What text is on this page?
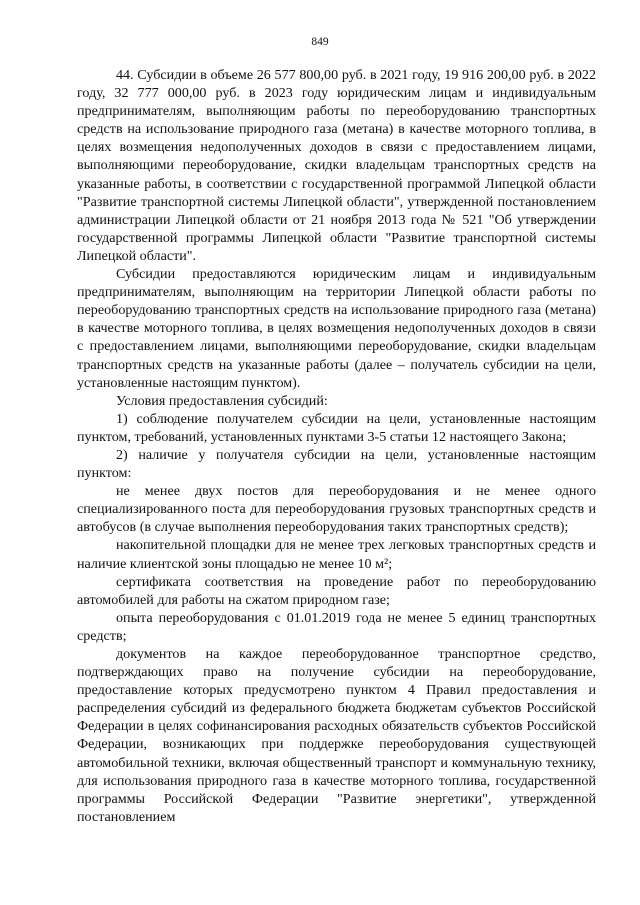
849

44. Субсидии в объеме 26 577 800,00 руб. в 2021 году, 19 916 200,00 руб. в 2022 году, 32 777 000,00 руб. в 2023 году юридическим лицам и индивидуальным предпринимателям, выполняющим работы по переоборудованию транспортных средств на использование природного газа (метана) в качестве моторного топлива, в целях возмещения недополученных доходов в связи с предоставлением лицами, выполняющими переоборудование, скидки владельцам транспортных средств на указанные работы, в соответствии с государственной программой Липецкой области "Развитие транспортной системы Липецкой области", утвержденной постановлением администрации Липецкой области от 21 ноября 2013 года № 521 "Об утверждении государственной программы Липецкой области "Развитие транспортной системы Липецкой области".

Субсидии предоставляются юридическим лицам и индивидуальным предпринимателям, выполняющим на территории Липецкой области работы по переоборудованию транспортных средств на использование природного газа (метана) в качестве моторного топлива, в целях возмещения недополученных доходов в связи с предоставлением лицами, выполняющими переоборудование, скидки владельцам транспортных средств на указанные работы (далее – получатель субсидии на цели, установленные настоящим пунктом).

Условия предоставления субсидий:

1) соблюдение получателем субсидии на цели, установленные настоящим пунктом, требований, установленных пунктами 3-5 статьи 12 настоящего Закона;

2) наличие у получателя субсидии на цели, установленные настоящим пунктом:

не менее двух постов для переоборудования и не менее одного специализированного поста для переоборудования грузовых транспортных средств и автобусов (в случае выполнения переоборудования таких транспортных средств);

накопительной площадки для не менее трех легковых транспортных средств и наличие клиентской зоны площадью не менее 10 м²;

сертификата соответствия на проведение работ по переоборудованию автомобилей для работы на сжатом природном газе;

опыта переоборудования с 01.01.2019 года не менее 5 единиц транспортных средств;

документов на каждое переоборудованное транспортное средство, подтверждающих право на получение субсидии на переоборудование, предоставление которых предусмотрено пунктом 4 Правил предоставления и распределения субсидий из федерального бюджета бюджетам субъектов Российской Федерации в целях софинансирования расходных обязательств субъектов Российской Федерации, возникающих при поддержке переоборудования существующей автомобильной техники, включая общественный транспорт и коммунальную технику, для использования природного газа в качестве моторного топлива, государственной программы Российской Федерации "Развитие энергетики", утвержденной постановлением
